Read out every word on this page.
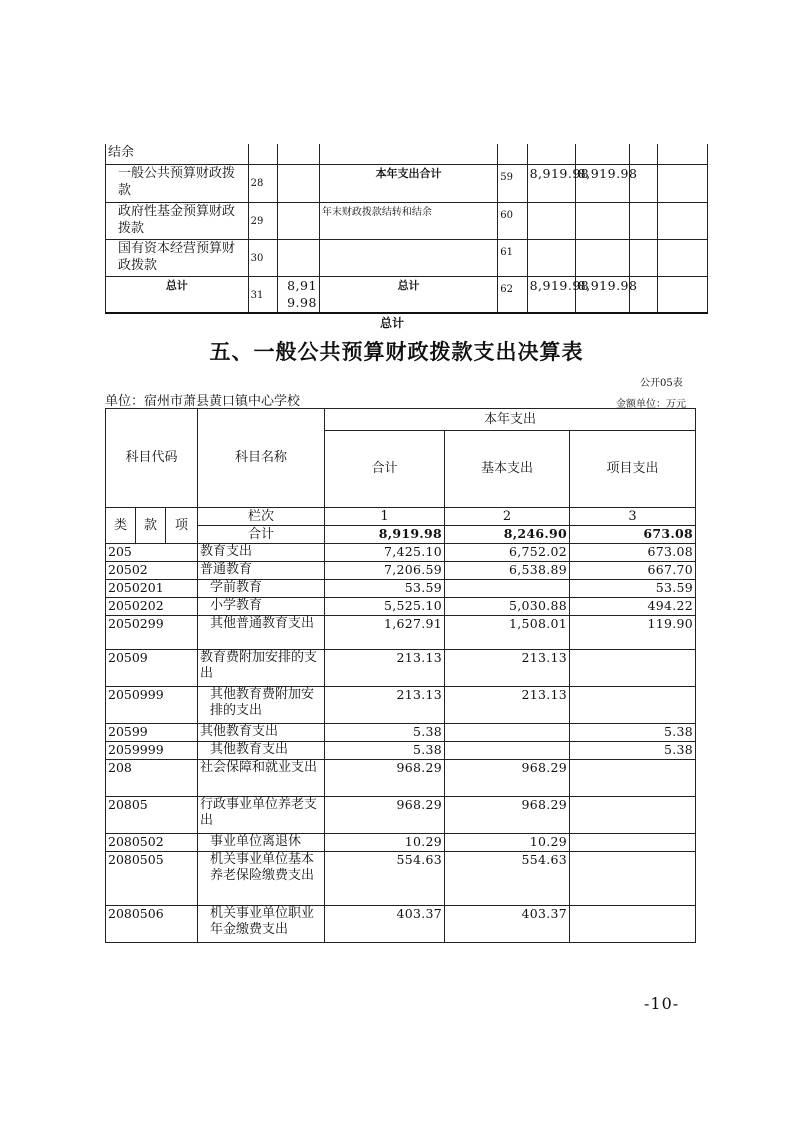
结余								
一般公共预算财政拨款	28		本年支出合计	59	8,919.98	8,919.98		
政府性基金预算财政拨款	29		年末财政拨款结转和结余	60				
国有资本经营预算财政拨款	30			61				
总计	31	8,919.98	总计	62	8,919.98	8,919.98		
总计
五、一般公共预算财政拨款支出决算表
公开05表
单位：宿州市萧县黄口镇中心学校	金额单位：万元
科目代码			科目名称	本年支出		
				合计	基本支出	项目支出
类	款	项	栏次	1	2	3
			合计	8,919.98	8,246.90	673.08
205			教育支出	7,425.10	6,752.02	673.08
20502			普通教育	7,206.59	6,538.89	667.70
2050201			学前教育	53.59		53.59
2050202			小学教育	5,525.10	5,030.88	494.22
2050299			其他普通教育支出	1,627.91	1,508.01	119.90
20509			教育费附加安排的支出	213.13	213.13	
2050999			其他教育费附加安排的支出	213.13	213.13	
20599			其他教育支出	5.38		5.38
2059999			其他教育支出	5.38		5.38
208			社会保障和就业支出	968.29	968.29	
20805			行政事业单位养老支出	968.29	968.29	
2080502			事业单位离退休	10.29	10.29	
2080505			机关事业单位基本养老保险缴费支出	554.63	554.63	
2080506			机关事业单位职业年金缴费支出	403.37	403.37	
-10-
